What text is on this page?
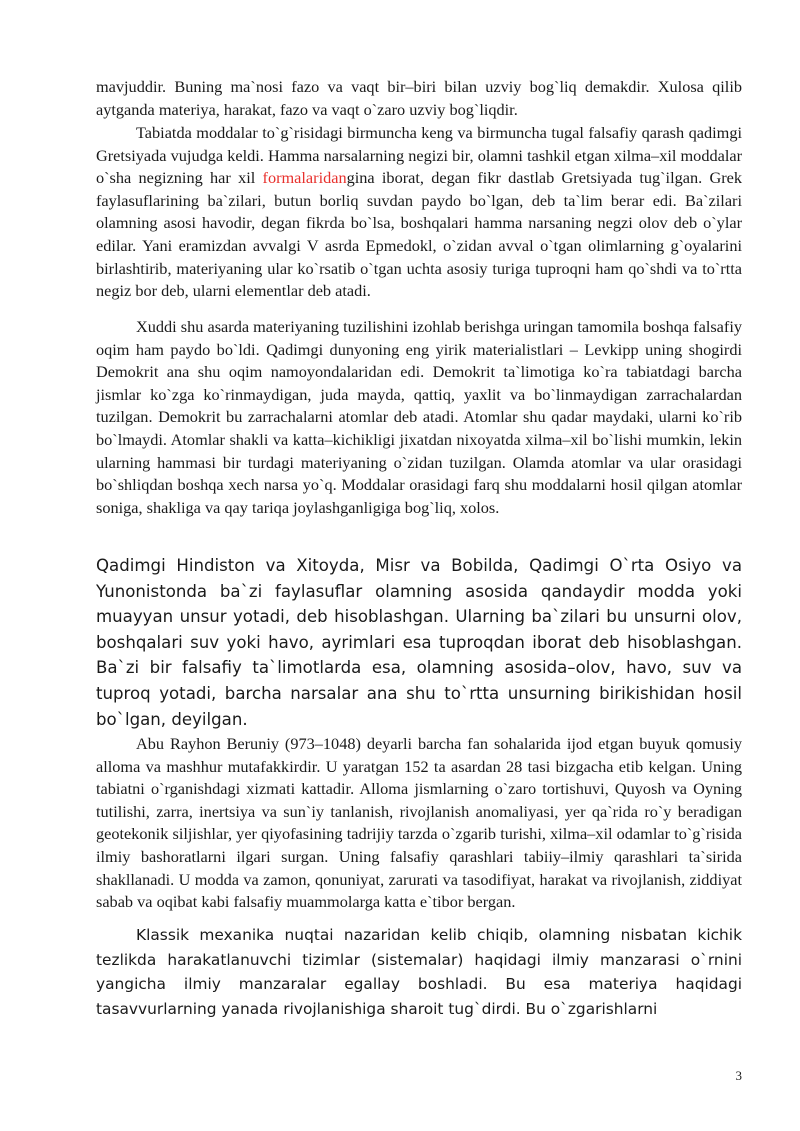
mavjuddir. Buning ma`nosi fazo va vaqt bir–biri bilan uzviy bog`liq demakdir. Xulosa qilib aytganda materiya, harakat, fazo va vaqt o`zaro uzviy bog`liqdir.

Tabiatda moddalar to`g`risidagi birmuncha keng va birmuncha tugal falsafiy qarash qadimgi Gretsiyada vujudga keldi. Hamma narsalarning negizi bir, olamni tashkil etgan xilma–xil moddalar o`sha negizning har xil formalaridangina iborat, degan fikr dastlab Gretsiyada tug`ilgan. Grek faylasuflarining ba`zilari, butun borliq suvdan paydo bo`lgan, deb ta`lim berar edi. Ba`zilari olamning asosi havodir, degan fikrda bo`lsa, boshqalari hamma narsaning negzi olov deb o`ylar edilar. Yani eramizdan avvalgi V asrda Epmedokl, o`zidan avval o`tgan olimlarning g`oyalarini birlashtirib, materiyaning ular ko`rsatib o`tgan uchta asosiy turiga tuproqni ham qo`shdi va to`rtta negiz bor deb, ularni elementlar deb atadi.

Xuddi shu asarda materiyaning tuzilishini izohlab berishga uringan tamomila boshqa falsafiy oqim ham paydo bo`ldi. Qadimgi dunyoning eng yirik materialistlari – Levkipp uning shogirdi Demokrit ana shu oqim namoyondalaridan edi. Demokrit ta`limotiga ko`ra tabiatdagi barcha jismlar ko`zga ko`rinmaydigan, juda mayda, qattiq, yaxlit va bo`linmaydigan zarrachalardan tuzilgan. Demokrit bu zarrachalarni atomlar deb atadi. Atomlar shu qadar maydaki, ularni ko`rib bo`lmaydi. Atomlar shakli va katta–kichikligi jixatdan nixoyatda xilma–xil bo`lishi mumkin, lekin ularning hammasi bir turdagi materiyaning o`zidan tuzilgan. Olamda atomlar va ular orasidagi bo`shliqdan boshqa xech narsa yo`q. Moddalar orasidagi farq shu moddalarni hosil qilgan atomlar soniga, shakliga va qay tariqa joylashganligiga bog`liq, xolos.

Qadimgi Hindiston va Xitoyda, Misr va Bobilda, Qadimgi O`rta Osiyo va Yunonistonda ba`zi faylasuflar olamning asosida qandaydir modda yoki muayyan unsur yotadi, deb hisoblashgan. Ularning ba`zilari bu unsurni olov, boshqalari suv yoki havo, ayrimlari esa tuproqdan iborat deb hisoblashgan. Ba`zi bir falsafiy ta`limotlarda esa, olamning asosida–olov, havo, suv va tuproq yotadi, barcha narsalar ana shu to`rtta unsurning birikishidan hosil bo`lgan, deyilgan.

Abu Rayhon Beruniy (973–1048) deyarli barcha fan sohalarida ijod etgan buyuk qomusiy alloma va mashhur mutafakkirdir. U yaratgan 152 ta asardan 28 tasi bizgacha etib kelgan. Uning tabiatni o`rganishdagi xizmati kattadir. Alloma jismlarning o`zaro tortishuvi, Quyosh va Oyning tutilishi, zarra, inertsiya va sun`iy tanlanish, rivojlanish anomaliyasi, yer qa`rida ro`y beradigan geotekonik siljishlar, yer qiyofasining tadrijiy tarzda o`zgarib turishi, xilma–xil odamlar to`g`risida ilmiy bashoratlarni ilgari surgan. Uning falsafiy qarashlari tabiiy–ilmiy qarashlari ta`sirida shakllanadi. U modda va zamon, qonuniyat, zarurati va tasodifiyat, harakat va rivojlanish, ziddiyat sabab va oqibat kabi falsafiy muammolarga katta e`tibor bergan.

Klassik mexanika nuqtai nazaridan kelib chiqib, olamning nisbatan kichik tezlikda harakatlanuvchi tizimlar (sistemalar) haqidagi ilmiy manzarasi o`rnini yangicha ilmiy manzaralar egallay boshladi. Bu esa materiya haqidagi tasavvurlarning yanada rivojlanishiga sharoit tug`dirdi. Bu o`zgarishlarni

3
